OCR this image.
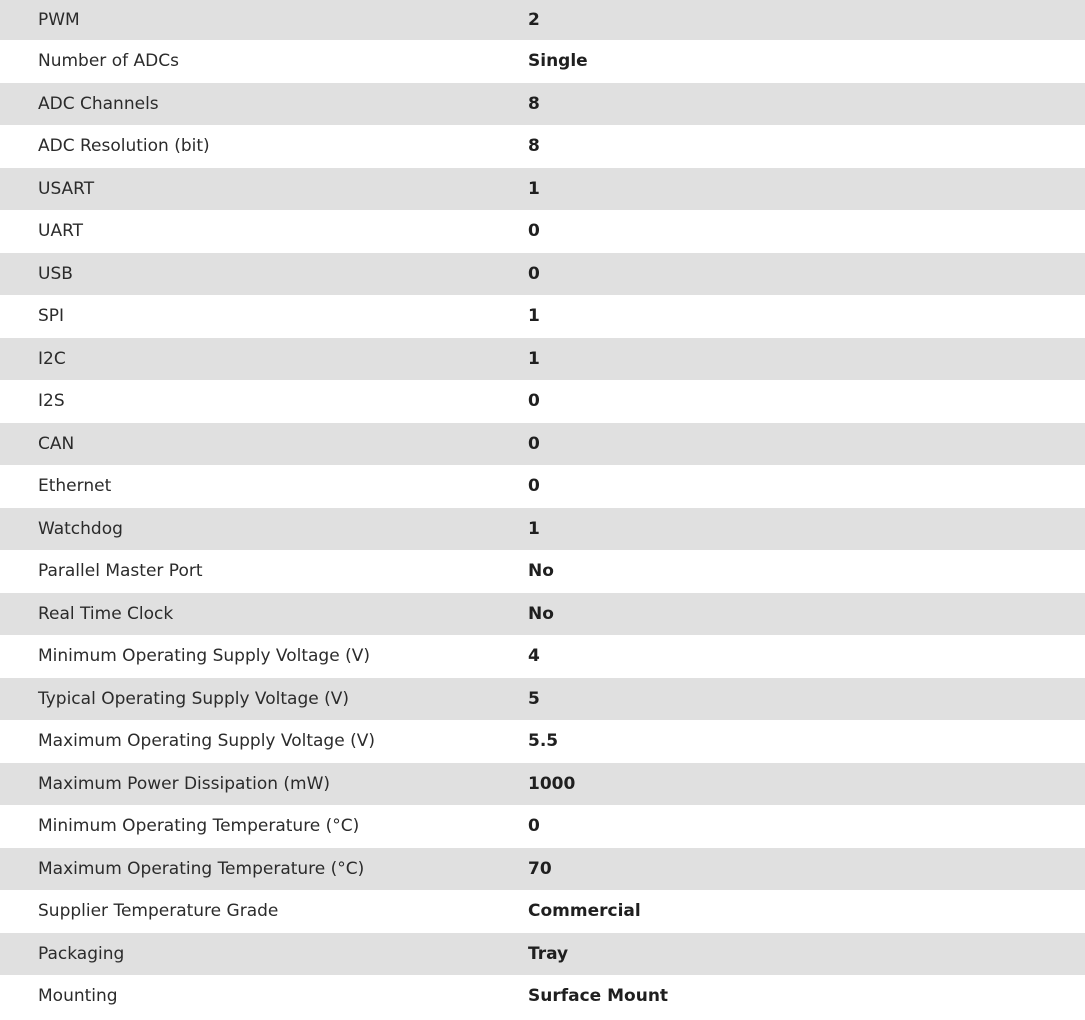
PWM	2
Number of ADCs	Single
ADC Channels	8
ADC Resolution (bit)	8
USART	1
UART	0
USB	0
SPI	1
I2C	1
I2S	0
CAN	0
Ethernet	0
Watchdog	1
Parallel Master Port	No
Real Time Clock	No
Minimum Operating Supply Voltage (V)	4
Typical Operating Supply Voltage (V)	5
Maximum Operating Supply Voltage (V)	5.5
Maximum Power Dissipation (mW)	1000
Minimum Operating Temperature (°C)	0
Maximum Operating Temperature (°C)	70
Supplier Temperature Grade	Commercial
Packaging	Tray
Mounting	Surface Mount
